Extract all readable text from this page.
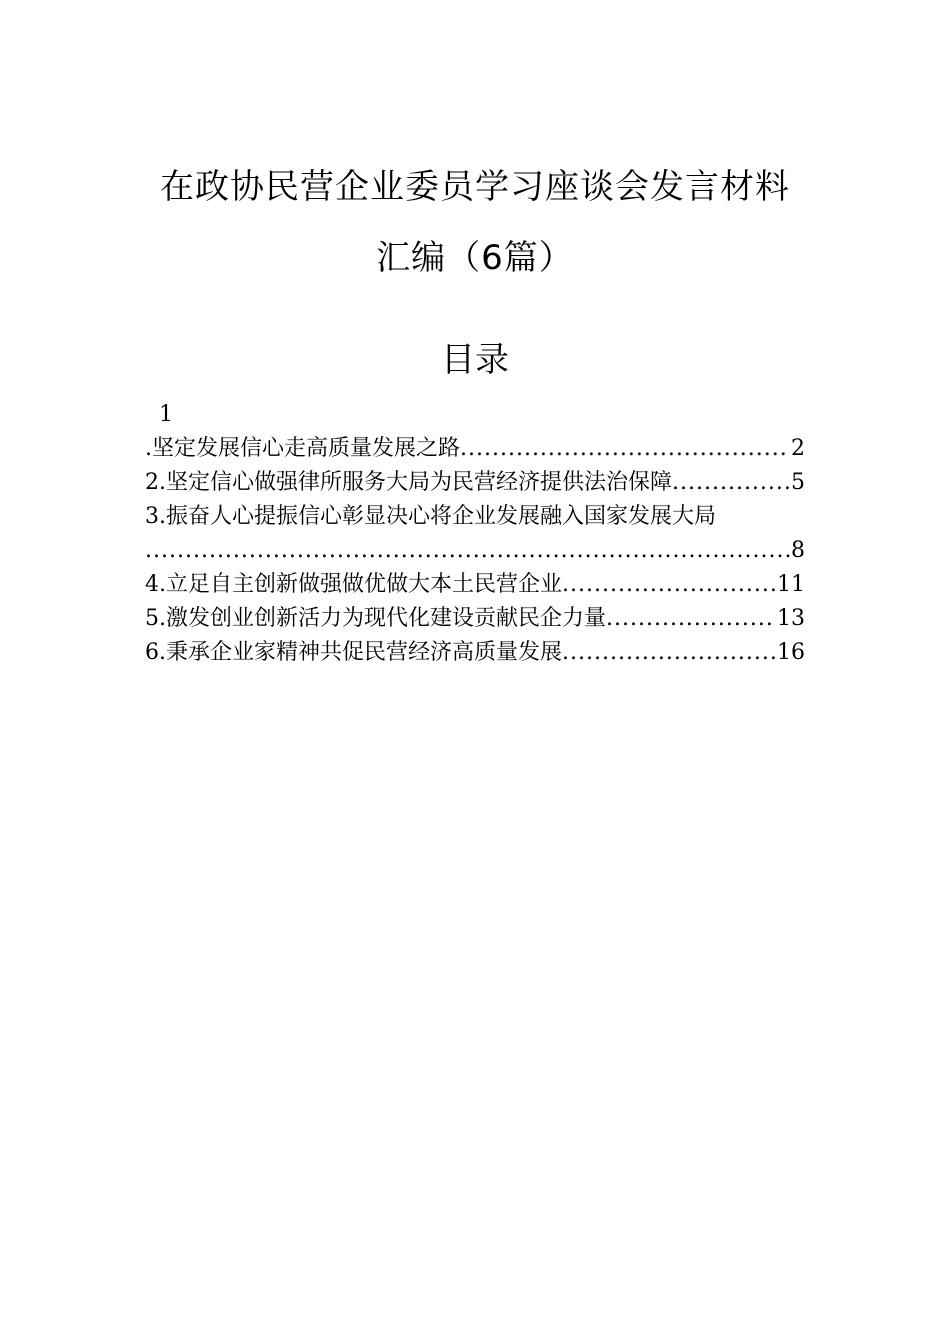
在政协民营企业委员学习座谈会发言材料
汇编（6篇）
目录
1
.坚定发展信心走高质量发展之路 .....	2
2.坚定信心做强律所服务大局为民营经济提供法治保障 .....	5
3.振奋人心提振信心彰显决心将企业发展融入国家发展大局
.....
8
4.立足自主创新做强做优做大本土民营企业 .....	11
5.激发创业创新活力为现代化建设贡献民企力量 .....	13
6.秉承企业家精神共促民营经济高质量发展 .....	16
